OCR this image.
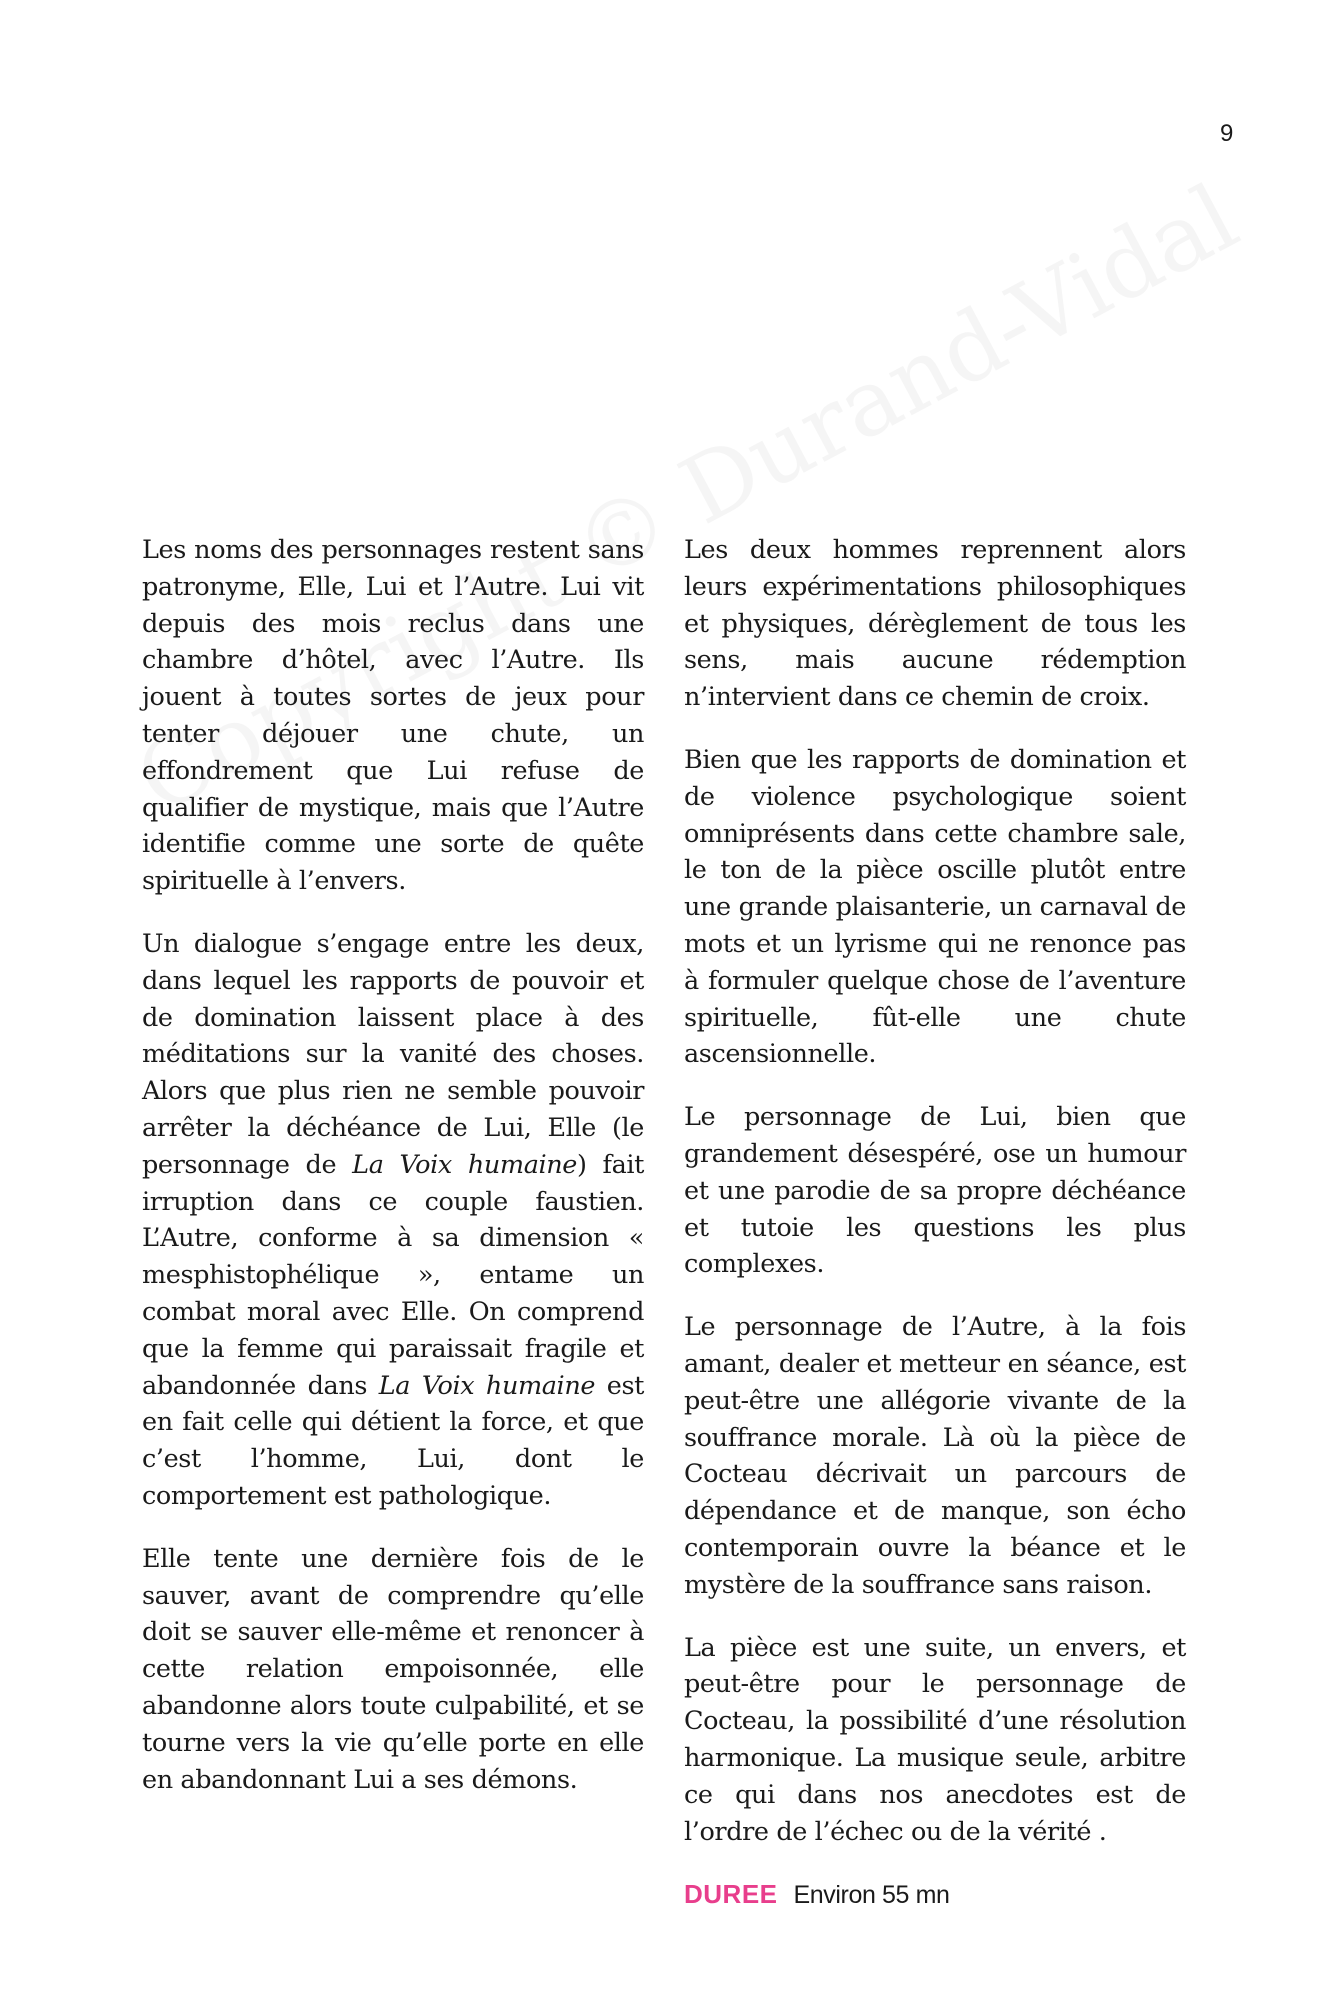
9

Les noms des personnages restent sans patronyme, Elle, Lui et l’Autre. Lui vit depuis des mois reclus dans une chambre d’hôtel, avec l’Autre. Ils jouent à toutes sortes de jeux pour tenter déjouer une chute, un effondrement que Lui refuse de qualifier de mystique, mais que l’Autre identifie comme une sorte de quête spirituelle à l’envers.

Un dialogue s’engage entre les deux, dans lequel les rapports de pouvoir et de domination laissent place à des méditations sur la vanité des choses. Alors que plus rien ne semble pouvoir arrêter la déchéance de Lui, Elle (le personnage de La Voix humaine) fait irruption dans ce couple faustien. L’Autre, conforme à sa dimension « mesphistophélique », entame un combat moral avec Elle. On comprend que la femme qui paraissait fragile et abandonnée dans La Voix humaine est en fait celle qui détient la force, et que c’est l’homme, Lui, dont le comportement est pathologique.

Elle tente une dernière fois de le sauver, avant de comprendre qu’elle doit se sauver elle-même et renoncer à cette relation empoisonnée, elle abandonne alors toute culpabilité, et se tourne vers la vie qu’elle porte en elle en abandonnant Lui a ses démons.

Les deux hommes reprennent alors leurs expérimentations philosophiques et physiques, dérèglement de tous les sens, mais aucune rédemption n’intervient dans ce chemin de croix.

Bien que les rapports de domination et de violence psychologique soient omniprésents dans cette chambre sale, le ton de la pièce oscille plutôt entre une grande plaisanterie, un carnaval de mots et un lyrisme qui ne renonce pas à formuler quelque chose de l’aventure spirituelle, fût-elle une chute ascensionnelle.

Le personnage de Lui, bien que grandement désespéré, ose un humour et une parodie de sa propre déchéance et tutoie les questions les plus complexes.

Le personnage de l’Autre, à la fois amant, dealer et metteur en séance, est peut-être une allégorie vivante de la souffrance morale. Là où la pièce de Cocteau décrivait un parcours de dépendance et de manque, son écho contemporain ouvre la béance et le mystère de la souffrance sans raison.

La pièce est une suite, un envers, et peut-être pour le personnage de Cocteau, la possibilité d’une résolution harmonique. La musique seule, arbitre ce qui dans nos anecdotes est de l’ordre de l’échec ou de la vérité .

DUREE Environ 55 mn
